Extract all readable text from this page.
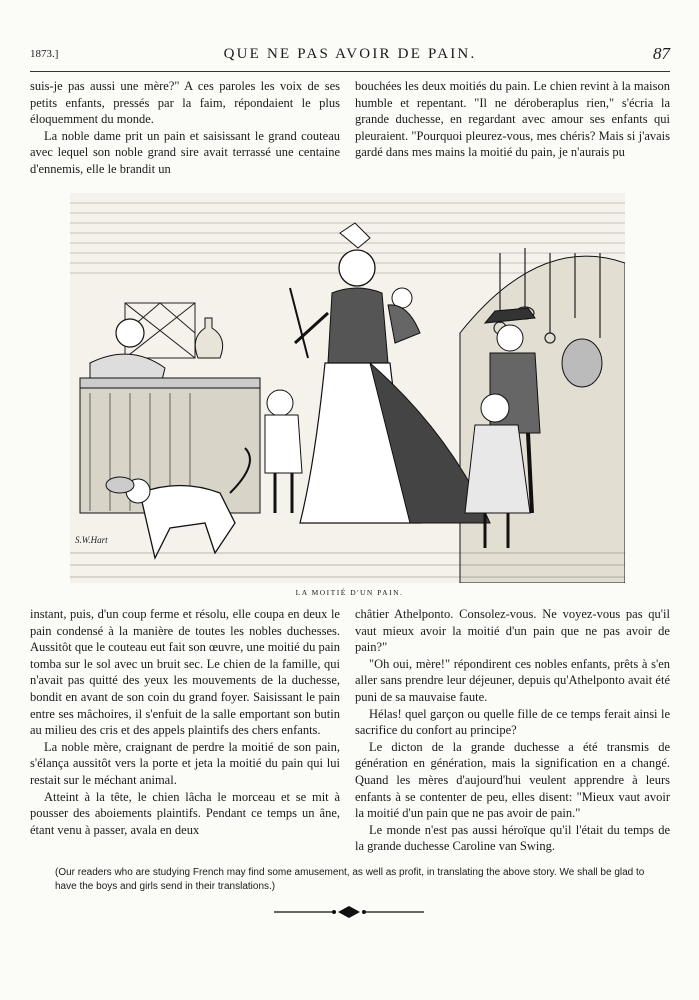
1873.]	QUE NE PAS AVOIR DE PAIN.	87

suis-je pas aussi une mère?" A ces paroles les voix de ses petits enfants, pressés par la faim, répondaient le plus éloquemment du monde.

La noble dame prit un pain et saisissant le grand couteau avec lequel son noble grand sire avait terrassé une centaine d'ennemis, elle le brandit un

bouchées les deux moitiés du pain. Le chien revint à la maison humble et repentant. "Il ne déroberaplus rien," s'écria la grande duchesse, en regardant avec amour ses enfants qui pleuraient. "Pourquoi pleurez-vous, mes chéris? Mais si j'avais gardé dans mes mains la moitié du pain, je n'aurais pu

S.W.Hart
LA MOITIÉ D'UN PAIN.

instant, puis, d'un coup ferme et résolu, elle coupa en deux le pain condensé à la manière de toutes les nobles duchesses. Aussitôt que le couteau eut fait son œuvre, une moitié du pain tomba sur le sol avec un bruit sec. Le chien de la famille, qui n'avait pas quitté des yeux les mouvements de la duchesse, bondit en avant de son coin du grand foyer. Saisissant le pain entre ses mâchoires, il s'enfuit de la salle emportant son butin au milieu des cris et des appels plaintifs des chers enfants.

La noble mère, craignant de perdre la moitié de son pain, s'élança aussitôt vers la porte et jeta la moitié du pain qui lui restait sur le méchant animal.

Atteint à la tête, le chien lâcha le morceau et se mit à pousser des aboiements plaintifs. Pendant ce temps un âne, étant venu à passer, avala en deux

châtier Athelponto. Consolez-vous. Ne voyez-vous pas qu'il vaut mieux avoir la moitié d'un pain que ne pas avoir de pain?"

"Oh oui, mère!" répondirent ces nobles enfants, prêts à s'en aller sans prendre leur déjeuner, depuis qu'Athelponto avait été puni de sa mauvaise faute.

Hélas! quel garçon ou quelle fille de ce temps ferait ainsi le sacrifice du confort au principe?

Le dicton de la grande duchesse a été transmis de génération en génération, mais la signification en a changé. Quand les mères d'aujourd'hui veulent apprendre à leurs enfants à se contenter de peu, elles disent: "Mieux vaut avoir la moitié d'un pain que ne pas avoir de pain."

Le monde n'est pas aussi héroïque qu'il l'était du temps de la grande duchesse Caroline van Swing.

(Our readers who are studying French may find some amusement, as well as profit, in translating the above story. We shall be glad to have the boys and girls send in their translations.)
